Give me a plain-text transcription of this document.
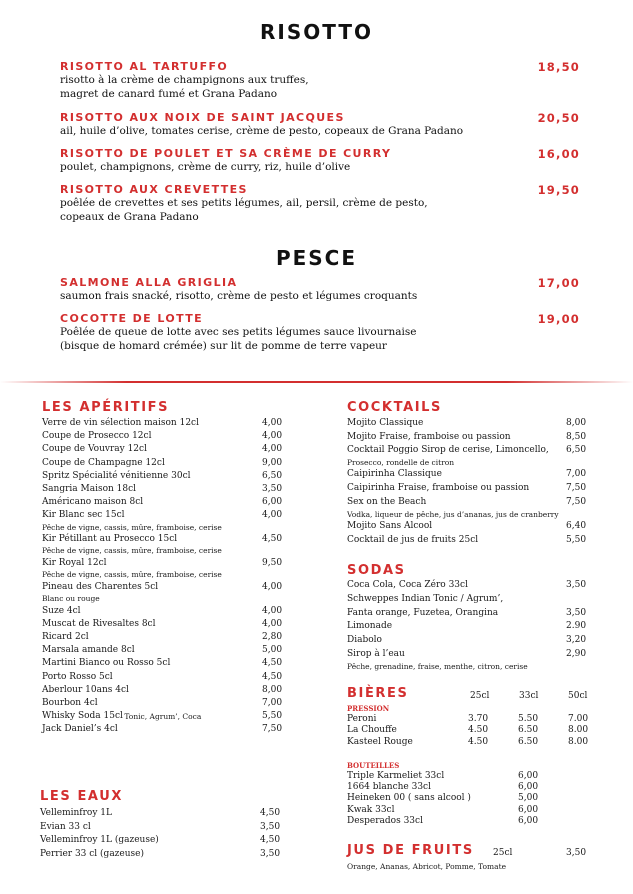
RISOTTO
RISOTTO AL TARTUFFO	18,50
risotto à la crème de champignons aux truffes,
magret de canard fumé et Grana Padano
RISOTTO AUX NOIX DE SAINT JACQUES	20,50
ail, huile d’olive, tomates cerise, crème de pesto, copeaux de Grana Padano
RISOTTO DE POULET ET SA CRÈME DE CURRY	16,00
poulet, champignons, crème de curry, riz, huile d’olive
RISOTTO AUX CREVETTES	19,50
poêlée de crevettes et ses petits légumes, ail, persil, crème de pesto,
copeaux de Grana Padano
PESCE
SALMONE ALLA GRIGLIA	17,00
saumon frais snacké, risotto, crème de pesto et légumes croquants
COCOTTE DE LOTTE	19,00
Poêlée de queue de lotte avec ses petits légumes sauce livournaise
(bisque de homard crémée) sur lit de pomme de terre vapeur
LES APÉRITIFS
Verre de vin sélection maison 12cl	4,00
Coupe de Prosecco 12cl	4,00
Coupe de Vouvray 12cl	4,00
Coupe de Champagne 12cl	9,00
Spritz Spécialité vénitienne 30cl	6,50
Sangria Maison 18cl	3,50
Américano maison 8cl	6,00
Kir Blanc sec 15cl	4,00
Pêche de vigne, cassis, mûre, framboise, cerise
Kir Pétillant au Prosecco 15cl	4,50
Pêche de vigne, cassis, mûre, framboise, cerise
Kir Royal 12cl	9,50
Pêche de vigne, cassis, mûre, framboise, cerise
Pineau des Charentes 5cl	4,00
Blanc ou rouge
Suze 4cl	4,00
Muscat de Rivesaltes 8cl	4,00
Ricard 2cl	2,80
Marsala amande 8cl	5,00
Martini Bianco ou Rosso 5cl	4,50
Porto Rosso 5cl	4,50
Aberlour 10ans 4cl	8,00
Bourbon 4cl	7,00
Whisky Soda 15cl Tonic, Agrum’, Coca	5,50
Jack Daniel’s 4cl	7,50
LES EAUX
Velleminfroy 1L	4,50
Evian 33 cl	3,50
Velleminfroy 1L (gazeuse)	4,50
Perrier 33 cl (gazeuse)	3,50
COCKTAILS
Mojito Classique	8,00
Mojito Fraise, framboise ou passion	8,50
Cocktail Poggio Sirop de cerise, Limoncello, 6,50
Prosecco, rondelle de citron
Caipirinha Classique	7,00
Caipirinha Fraise, framboise ou passion	7,50
Sex on the Beach	7,50
Vodka, liqueur de pêche, jus d’ananas, jus de cranberry
Mojito Sans Alcool	6,40
Cocktail de jus de fruits 25cl	5,50
SODAS
Coca Cola, Coca Zéro 33cl	3,50
Schweppes Indian Tonic / Agrum’,
Fanta orange, Fuzetea, Orangina	3,50
Limonade	2.90
Diabolo	3,20
Sirop à l’eau	2,90
Pêche, grenadine, fraise, menthe, citron, cerise
BIÈRES	25cl	33cl	50cl
PRESSION
Peroni	3.70	5.50	7.00
La Chouffe	4.50	6.50	8.00
Kasteel Rouge	4.50	6.50	8.00
BOUTEILLES
Triple Karmeliet 33cl	6,00
1664 blanche 33cl	6,00
Heineken 00 ( sans alcool )	5,00
Kwak 33cl	6,00
Desperados 33cl	6,00
JUS DE FRUITS 25cl	3,50
Orange, Ananas, Abricot, Pomme, Tomate
